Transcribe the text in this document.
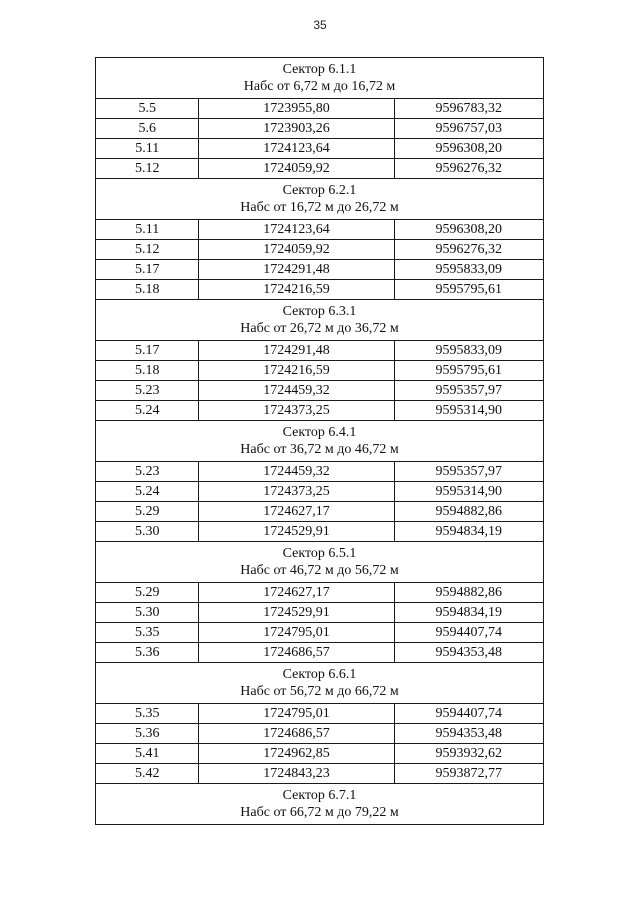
35
Сектор 6.1.1
Набс от 6,72 м до 16,72 м		

5.5	1723955,80	9596783,32
5.6	1723903,26	9596757,03
5.11	1724123,64	9596308,20
5.12	1724059,92	9596276,32

Сектор 6.2.1
Набс от 16,72 м до 26,72 м		

5.11	1724123,64	9596308,20
5.12	1724059,92	9596276,32
5.17	1724291,48	9595833,09
5.18	1724216,59	9595795,61

Сектор 6.3.1
Набс от 26,72 м до 36,72 м		

5.17	1724291,48	9595833,09
5.18	1724216,59	9595795,61
5.23	1724459,32	9595357,97
5.24	1724373,25	9595314,90

Сектор 6.4.1
Набс от 36,72 м до 46,72 м		

5.23	1724459,32	9595357,97
5.24	1724373,25	9595314,90
5.29	1724627,17	9594882,86
5.30	1724529,91	9594834,19

Сектор 6.5.1
Набс от 46,72 м до 56,72 м		

5.29	1724627,17	9594882,86
5.30	1724529,91	9594834,19
5.35	1724795,01	9594407,74
5.36	1724686,57	9594353,48

Сектор 6.6.1
Набс от 56,72 м до 66,72 м		

5.35	1724795,01	9594407,74
5.36	1724686,57	9594353,48
5.41	1724962,85	9593932,62
5.42	1724843,23	9593872,77

Сектор 6.7.1
Набс от 66,72 м до 79,22 м		
